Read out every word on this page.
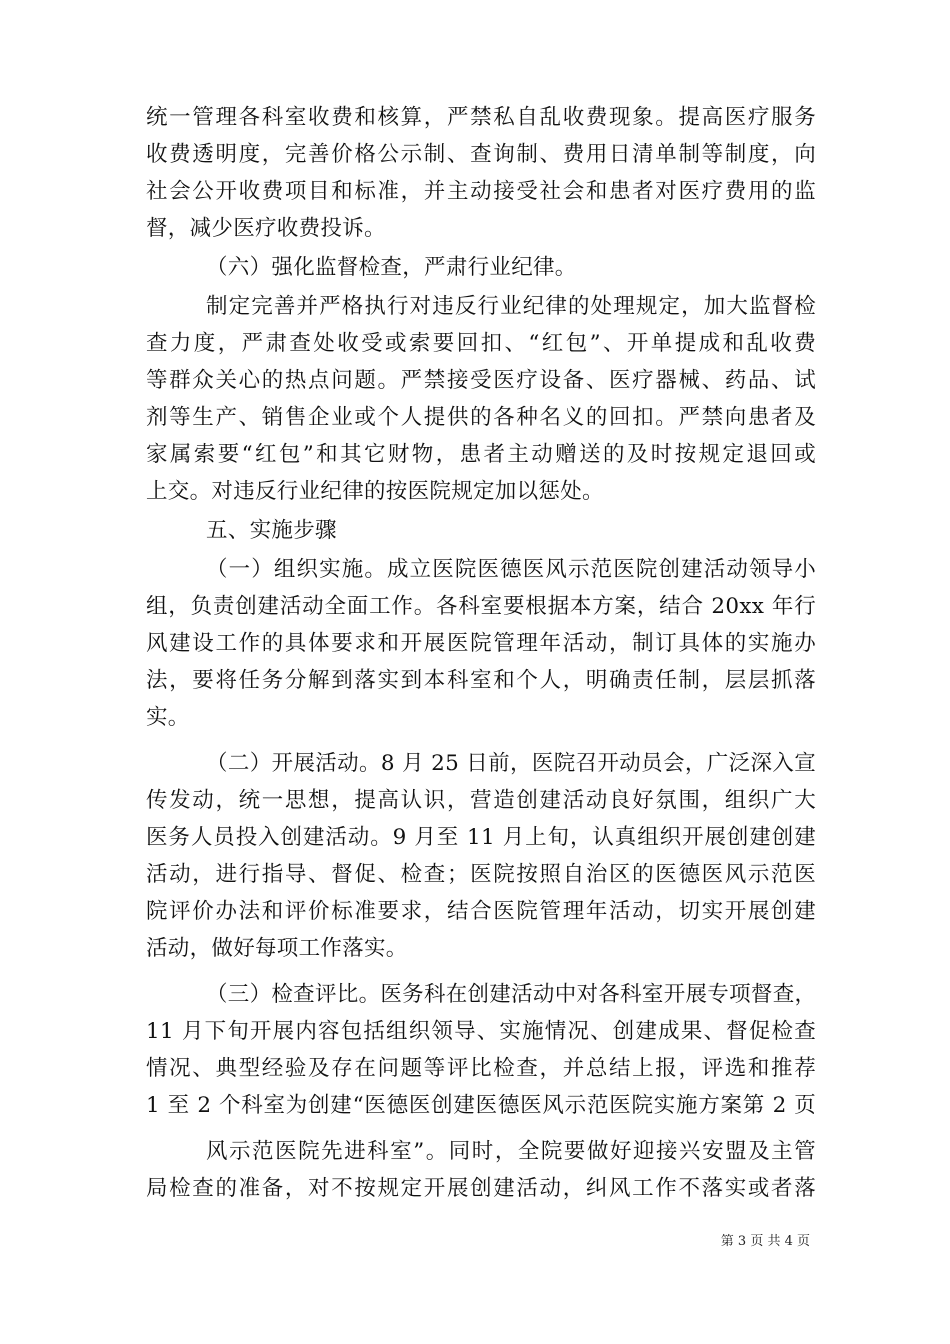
统一管理各科室收费和核算，严禁私自乱收费现象。提高医疗服务
收费透明度，完善价格公示制、查询制、费用日清单制等制度，向
社会公开收费项目和标准，并主动接受社会和患者对医疗费用的监
督，减少医疗收费投诉。
（六）强化监督检查，严肃行业纪律。
制定完善并严格执行对违反行业纪律的处理规定，加大监督检
查力度，严肃查处收受或索要回扣、“红包”、开单提成和乱收费
等群众关心的热点问题。严禁接受医疗设备、医疗器械、药品、试
剂等生产、销售企业或个人提供的各种名义的回扣。严禁向患者及
家属索要“红包”和其它财物，患者主动赠送的及时按规定退回或
上交。对违反行业纪律的按医院规定加以惩处。
五、实施步骤
（一）组织实施。成立医院医德医风示范医院创建活动领导小
组，负责创建活动全面工作。各科室要根据本方案，结合 20xx 年行
风建设工作的具体要求和开展医院管理年活动，制订具体的实施办
法，要将任务分解到落实到本科室和个人，明确责任制，层层抓落
实。
（二）开展活动。8 月 25 日前，医院召开动员会，广泛深入宣
传发动，统一思想，提高认识，营造创建活动良好氛围，组织广大
医务人员投入创建活动。9 月至 11 月上旬，认真组织开展创建创建
活动，进行指导、督促、检查；医院按照自治区的医德医风示范医
院评价办法和评价标准要求，结合医院管理年活动，切实开展创建
活动，做好每项工作落实。
（三）检查评比。医务科在创建活动中对各科室开展专项督查，
11 月下旬开展内容包括组织领导、实施情况、创建成果、督促检查
情况、典型经验及存在问题等评比检查，并总结上报，评选和推荐
1 至 2 个科室为创建“医德医创建医德医风示范医院实施方案第 2 页
风示范医院先进科室”。同时，全院要做好迎接兴安盟及主管
局检查的准备，对不按规定开展创建活动，纠风工作不落实或者落
第 3 页 共 4 页
